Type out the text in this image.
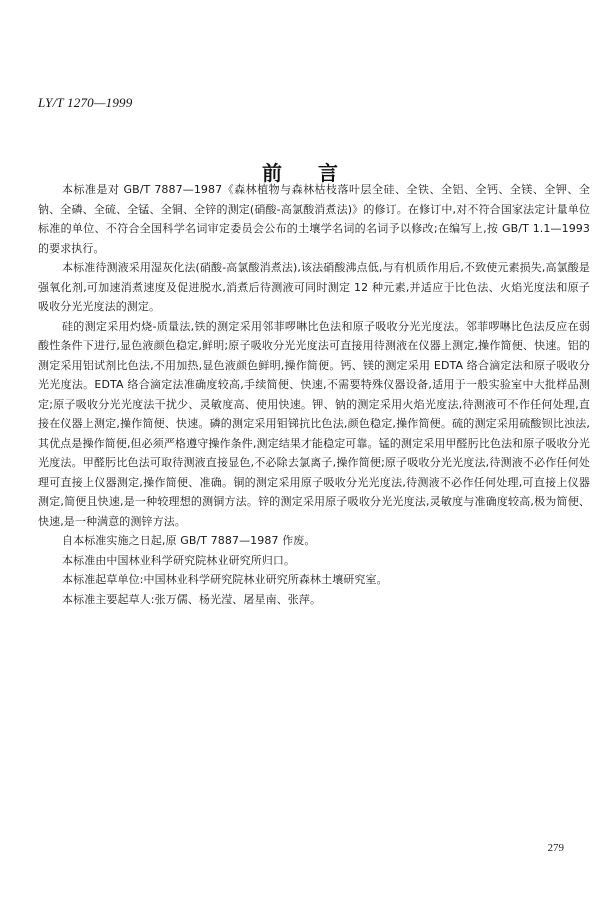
LY/T 1270—1999
前言

本标准是对 GB/T 7887—1987《森林植物与森林枯枝落叶层全硅、全铁、全铝、全钙、全镁、全钾、全钠、全磷、全硫、全锰、全铜、全锌的测定(硝酸-高氯酸消煮法)》的修订。在修订中,对不符合国家法定计量单位标准的单位、不符合全国科学名词审定委员会公布的土壤学名词的名词予以修改;在编写上,按 GB/T 1.1—1993 的要求执行。

本标准待测液采用湿灰化法(硝酸-高氯酸消煮法),该法硝酸沸点低,与有机质作用后,不致使元素损失,高氯酸是强氧化剂,可加速消煮速度及促进脱水,消煮后待测液可同时测定 12 种元素,并适应于比色法、火焰光度法和原子吸收分光光度法的测定。

硅的测定采用灼烧-质量法,铁的测定采用邻菲啰啉比色法和原子吸收分光光度法。邻菲啰啉比色法反应在弱酸性条件下进行,显色液颜色稳定,鲜明;原子吸收分光光度法可直接用待测液在仪器上测定,操作简便、快速。铝的测定采用铝试剂比色法,不用加热,显色液颜色鲜明,操作简便。钙、镁的测定采用 EDTA 络合滴定法和原子吸收分光光度法。EDTA 络合滴定法准确度较高,手续简便、快速,不需要特殊仪器设备,适用于一般实验室中大批样品测定;原子吸收分光光度法干扰少、灵敏度高、使用快速。钾、钠的测定采用火焰光度法,待测液可不作任何处理,直接在仪器上测定,操作简便、快速。磷的测定采用钼锑抗比色法,颜色稳定,操作简便。硫的测定采用硫酸钡比浊法,其优点是操作简便,但必须严格遵守操作条件,测定结果才能稳定可靠。锰的测定采用甲醛肟比色法和原子吸收分光光度法。甲醛肟比色法可取待测液直接显色,不必除去氯离子,操作简便;原子吸收分光光度法,待测液不必作任何处理可直接上仪器测定,操作简便、准确。铜的测定采用原子吸收分光光度法,待测液不必作任何处理,可直接上仪器测定,简便且快速,是一种较理想的测铜方法。锌的测定采用原子吸收分光光度法,灵敏度与准确度较高,极为简便、快速,是一种满意的测锌方法。

自本标准实施之日起,原 GB/T 7887—1987 作废。

本标准由中国林业科学研究院林业研究所归口。

本标准起草单位:中国林业科学研究院林业研究所森林土壤研究室。

本标准主要起草人:张万儒、杨光滢、屠星南、张萍。

279
